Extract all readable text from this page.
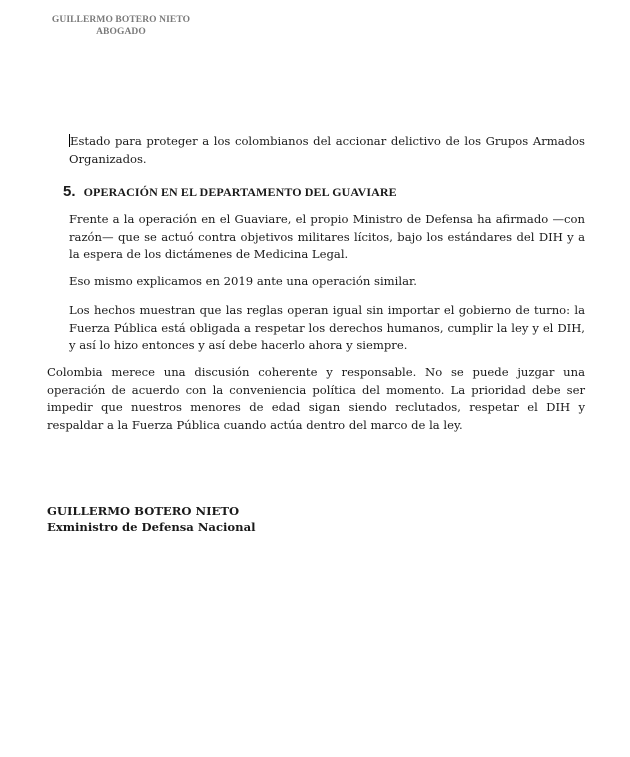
GUILLERMO BOTERO NIETO
ABOGADO

Estado para proteger a los colombianos del accionar delictivo de los Grupos Armados Organizados.

5. OPERACIÓN EN EL DEPARTAMENTO DEL GUAVIARE

Frente a la operación en el Guaviare, el propio Ministro de Defensa ha afirmado —con razón— que se actuó contra objetivos militares lícitos, bajo los estándares del DIH y a la espera de los dictámenes de Medicina Legal.

Eso mismo explicamos en 2019 ante una operación similar.

Los hechos muestran que las reglas operan igual sin importar el gobierno de turno: la Fuerza Pública está obligada a respetar los derechos humanos, cumplir la ley y el DIH, y así lo hizo entonces y así debe hacerlo ahora y siempre.

Colombia merece una discusión coherente y responsable. No se puede juzgar una operación de acuerdo con la conveniencia política del momento. La prioridad debe ser impedir que nuestros menores de edad sigan siendo reclutados, respetar el DIH y respaldar a la Fuerza Pública cuando actúa dentro del marco de la ley.

GUILLERMO BOTERO NIETO
Exministro de Defensa Nacional
